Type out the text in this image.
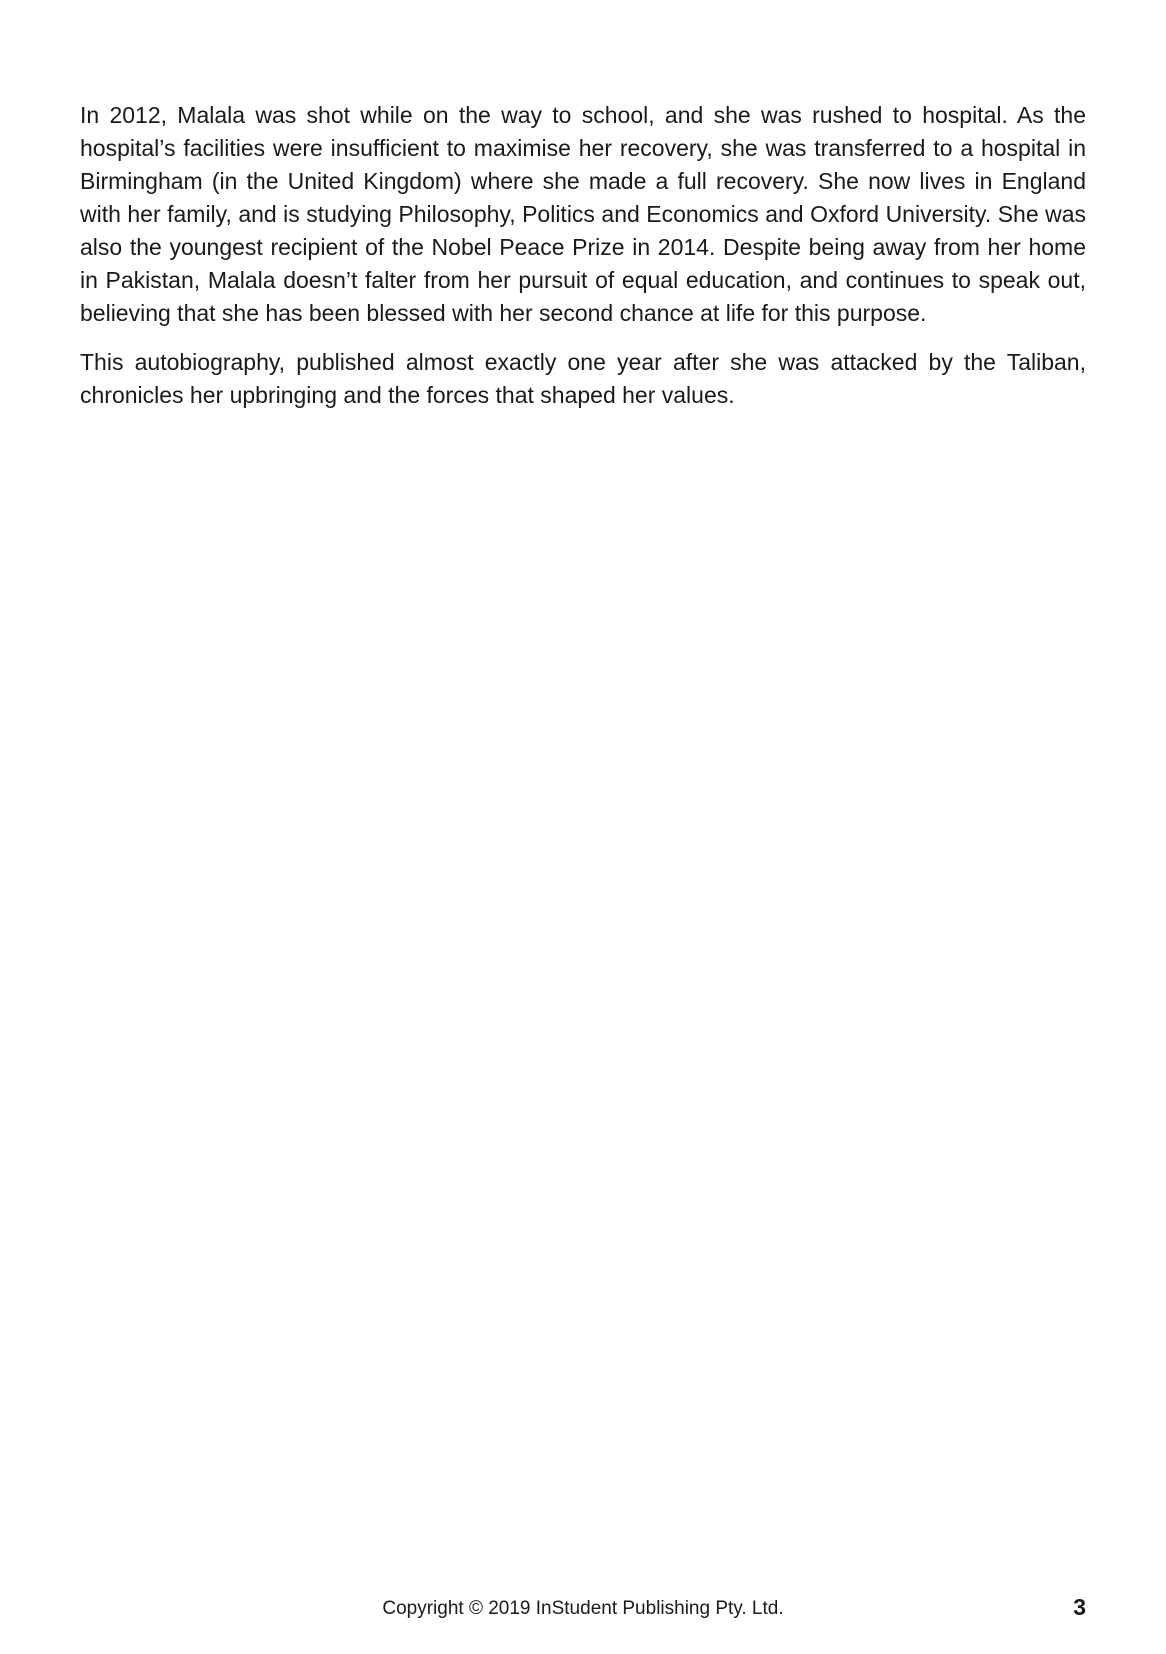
In 2012, Malala was shot while on the way to school, and she was rushed to hospital. As the hospital’s facilities were insufficient to maximise her recovery, she was transferred to a hospital in Birmingham (in the United Kingdom) where she made a full recovery. She now lives in England with her family, and is studying Philosophy, Politics and Economics and Oxford University. She was also the youngest recipient of the Nobel Peace Prize in 2014. Despite being away from her home in Pakistan, Malala doesn’t falter from her pursuit of equal education, and continues to speak out, believing that she has been blessed with her second chance at life for this purpose.

This autobiography, published almost exactly one year after she was attacked by the Taliban, chronicles her upbringing and the forces that shaped her values.

Copyright © 2019 InStudent Publishing Pty. Ltd.	3
